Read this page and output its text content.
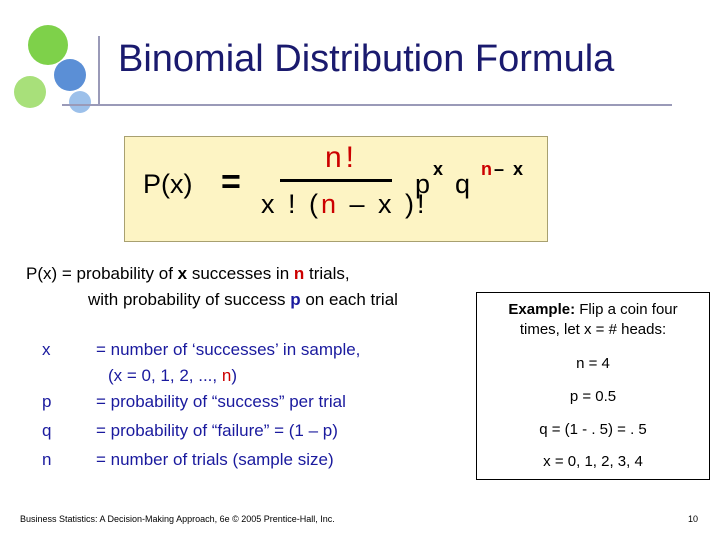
Binomial Distribution Formula
P(x) =
n!
x ! (n – x )!
p x q n– x
P(x) = probability of x successes in n trials,
with probability of success p on each trial
x	= number of ‘successes’ in sample,
(x = 0, 1, 2, ..., n)
p	= probability of “success” per trial
q	= probability of “failure” = (1 – p)
n	= number of trials (sample size)
Example: Flip a coin four
times, let x = # heads:
n = 4
p = 0.5
q = (1 - . 5) = . 5
x = 0, 1, 2, 3, 4
Business Statistics: A Decision-Making Approach, 6e © 2005 Prentice-Hall, Inc.	10
